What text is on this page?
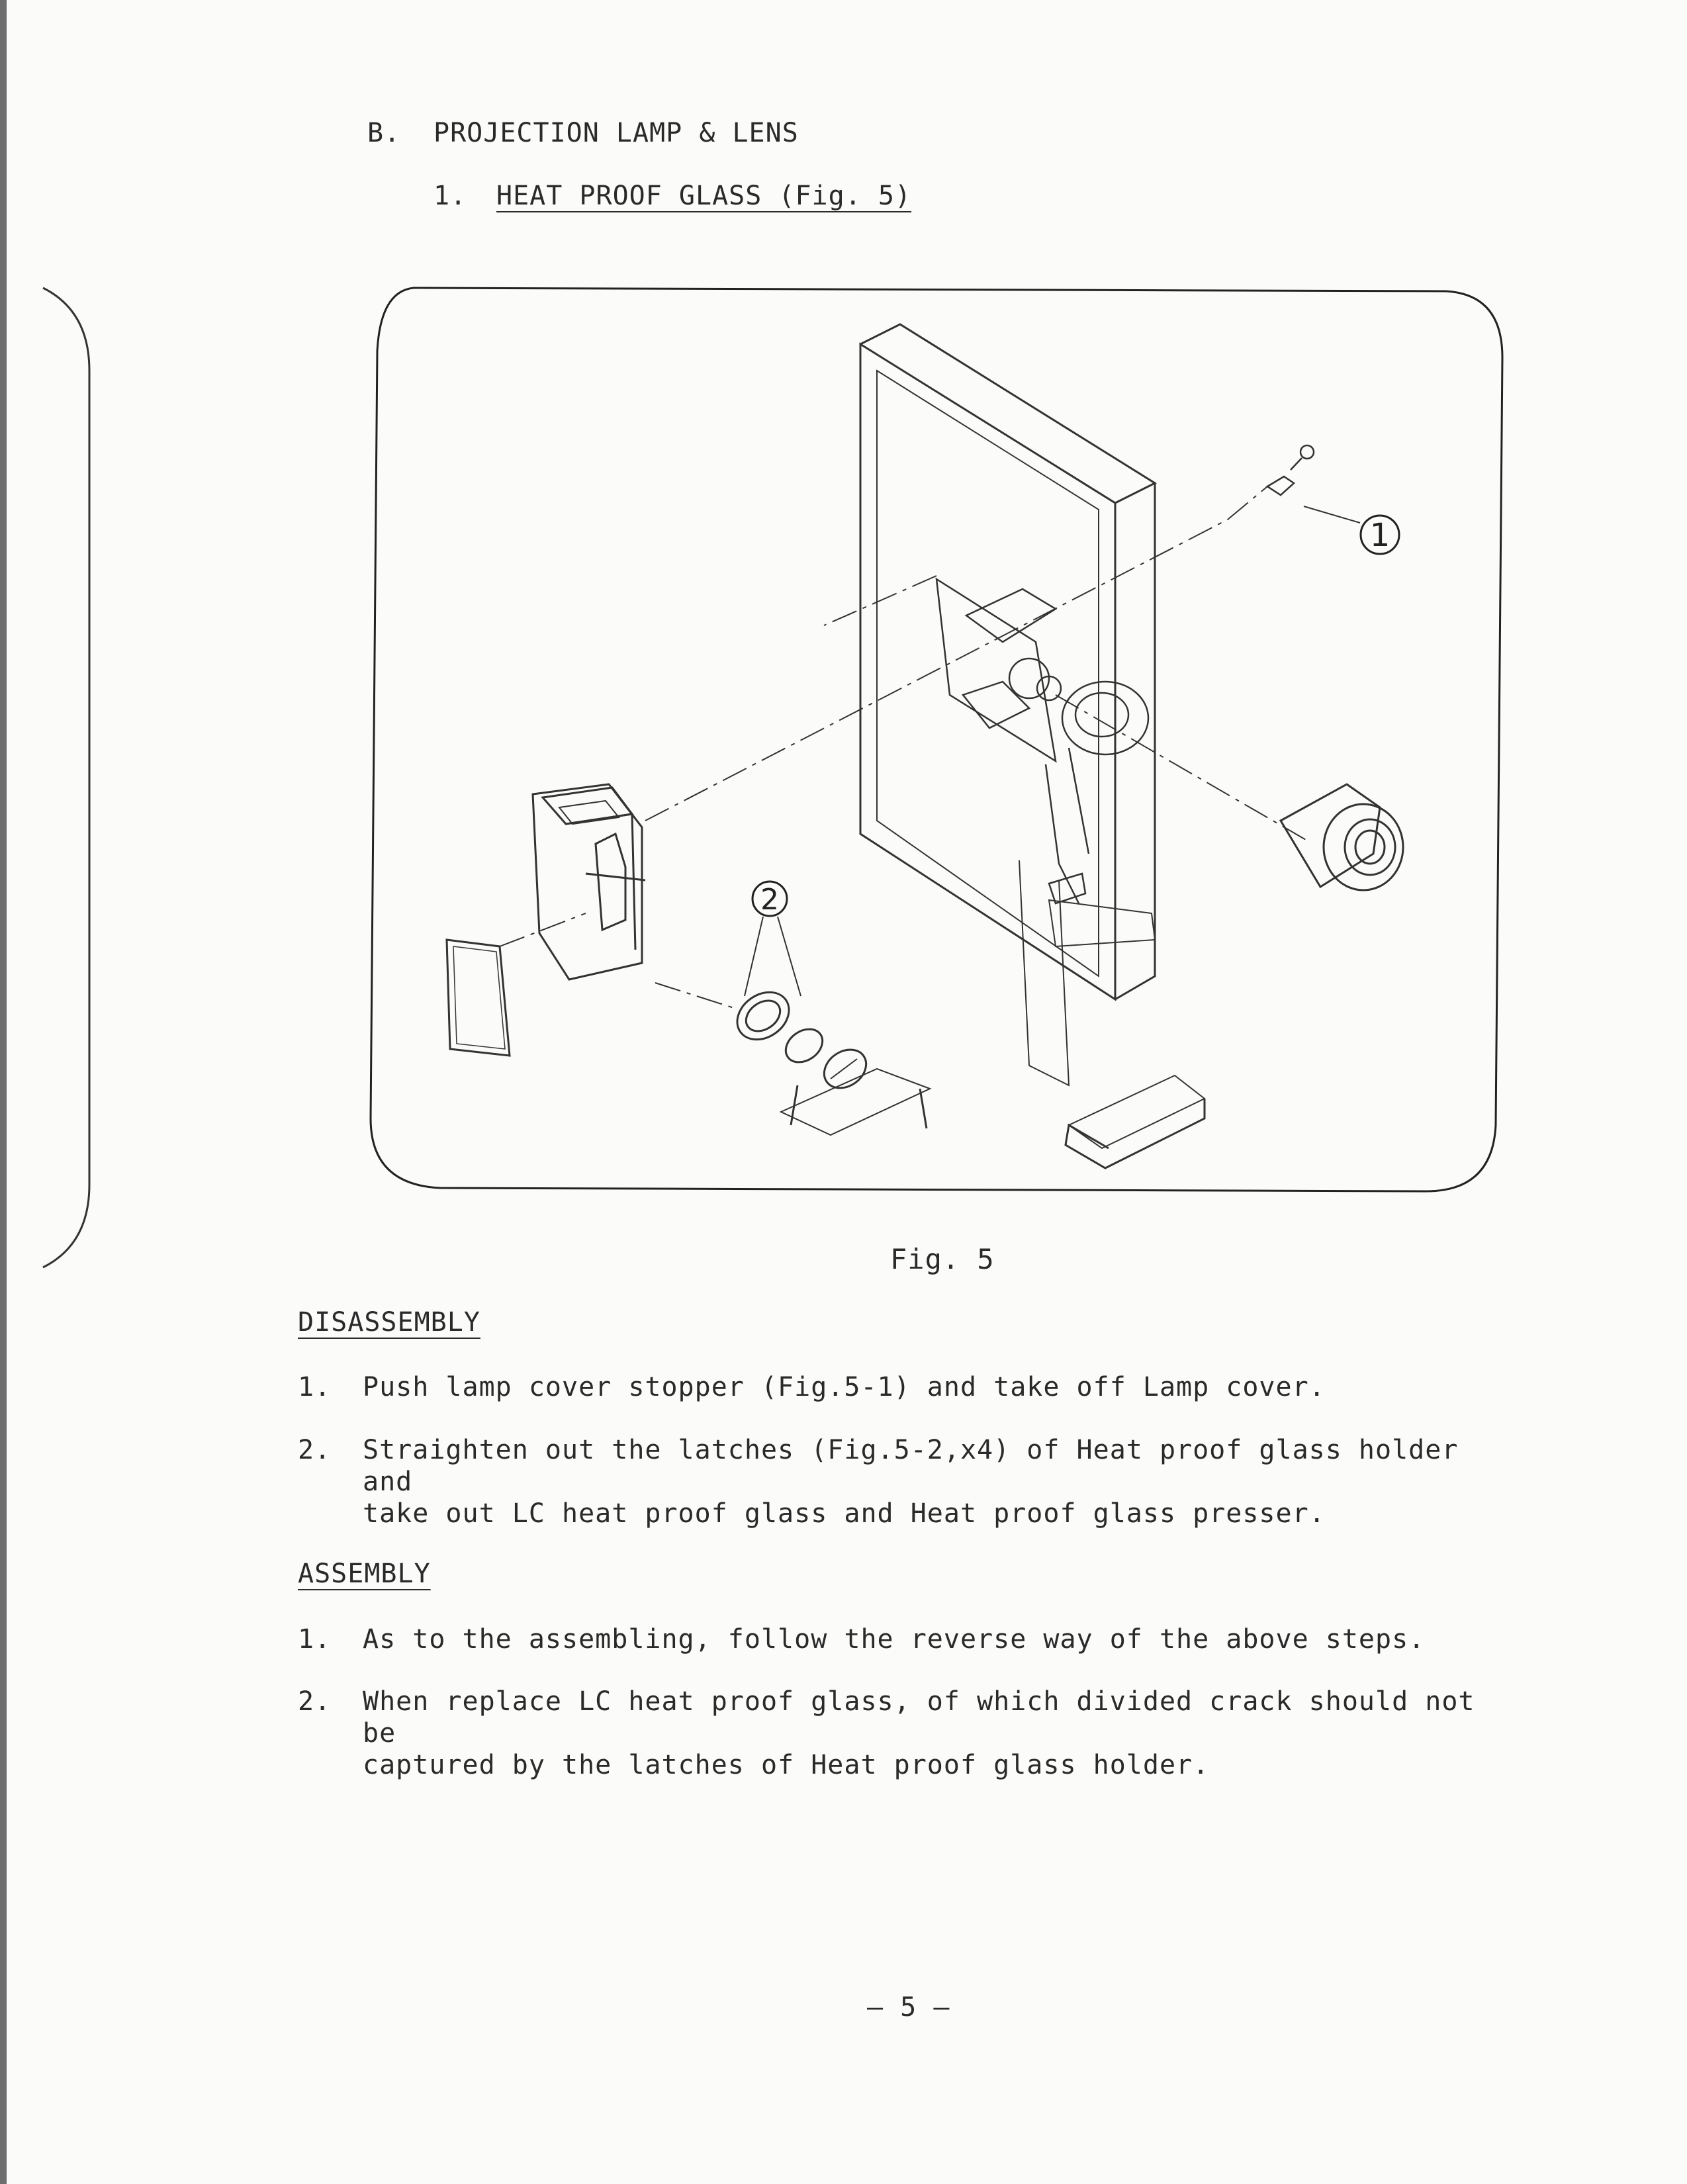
B. PROJECTION LAMP & LENS
1. HEAT PROOF GLASS (Fig. 5)
1
2
Fig. 5
DISASSEMBLY
1. Push lamp cover stopper (Fig.5-1) and take off Lamp cover.
2. Straighten out the latches (Fig.5-2,x4) of Heat proof glass holder and
take out LC heat proof glass and Heat proof glass presser.
ASSEMBLY
1. As to the assembling, follow the reverse way of the above steps.
2. When replace LC heat proof glass, of which divided crack should not be
captured by the latches of Heat proof glass holder.
— 5 —
